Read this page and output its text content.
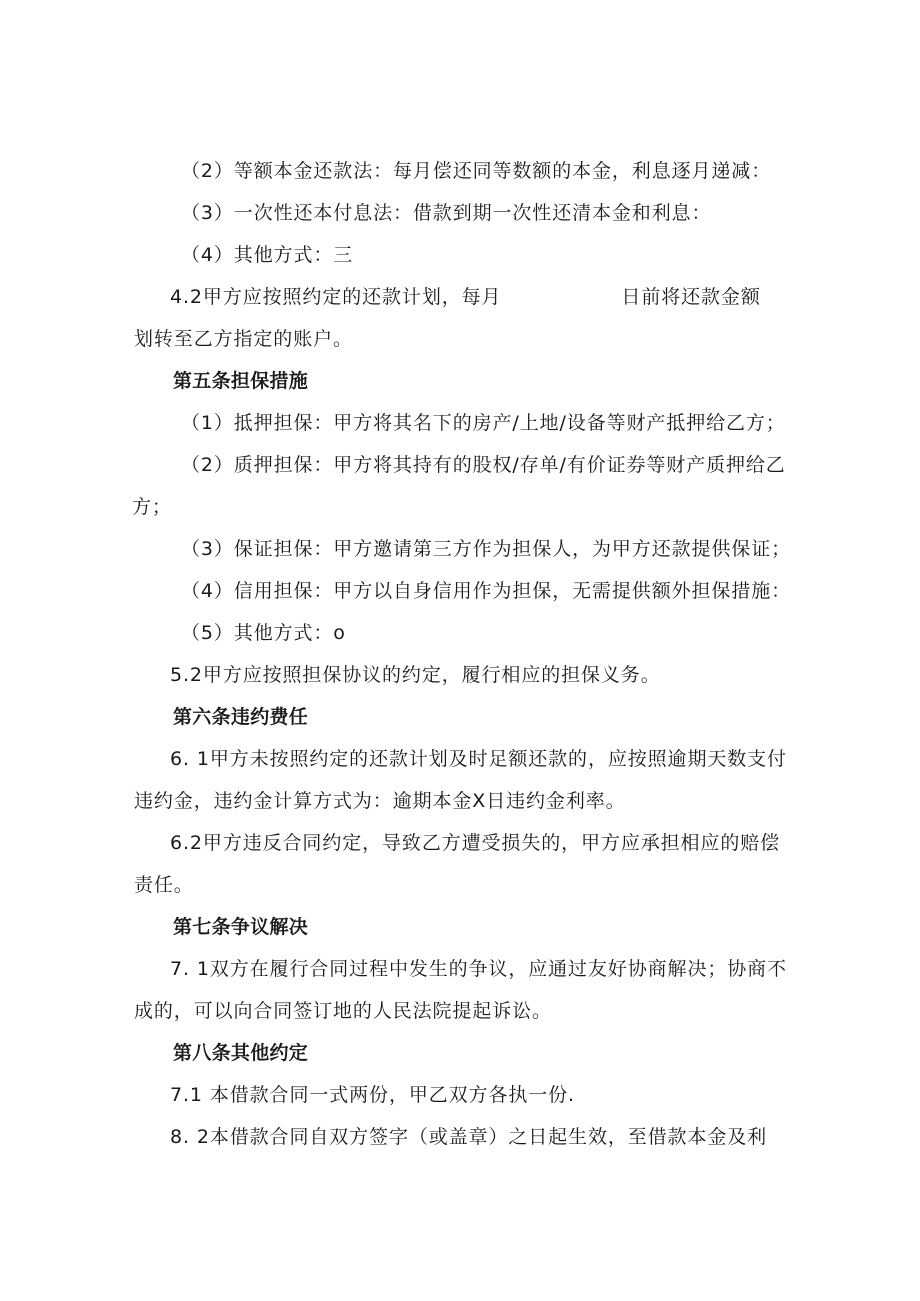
（2）等额本金还款法：每月偿还同等数额的本金，利息逐月递减：
（3）一次性还本付息法：借款到期一次性还清本金和利息：
（4）其他方式：三
4.2甲方应按照约定的还款计划，每月	日前将还款金额
划转至乙方指定的账户。
第五条担保措施
（1）抵押担保：甲方将其名下的房产/上地/设备等财产抵押给乙方；
（2）质押担保：甲方将其持有的股权/存单/有价证券等财产质押给乙
方；
（3）保证担保：甲方邀请第三方作为担保人，为甲方还款提供保证；
（4）信用担保：甲方以自身信用作为担保，无需提供额外担保措施：
（5）其他方式：o
5.2甲方应按照担保协议的约定，履行相应的担保义务。
第六条违约费任
6. 1甲方未按照约定的还款计划及时足额还款的，应按照逾期天数支付
违约金，违约金计算方式为：逾期本金X日违约金利率。
6.2甲方违反合同约定，导致乙方遭受损失的，甲方应承担相应的赔偿
责任。
第七条争议解决
7. 1双方在履行合同过程中发生的争议，应通过友好协商解决；协商不
成的，可以向合同签订地的人民法院提起诉讼。
第八条其他约定
7.1 本借款合同一式两份，甲乙双方各执一份.
8. 2本借款合同自双方签字（或盖章）之日起生效，至借款本金及利
